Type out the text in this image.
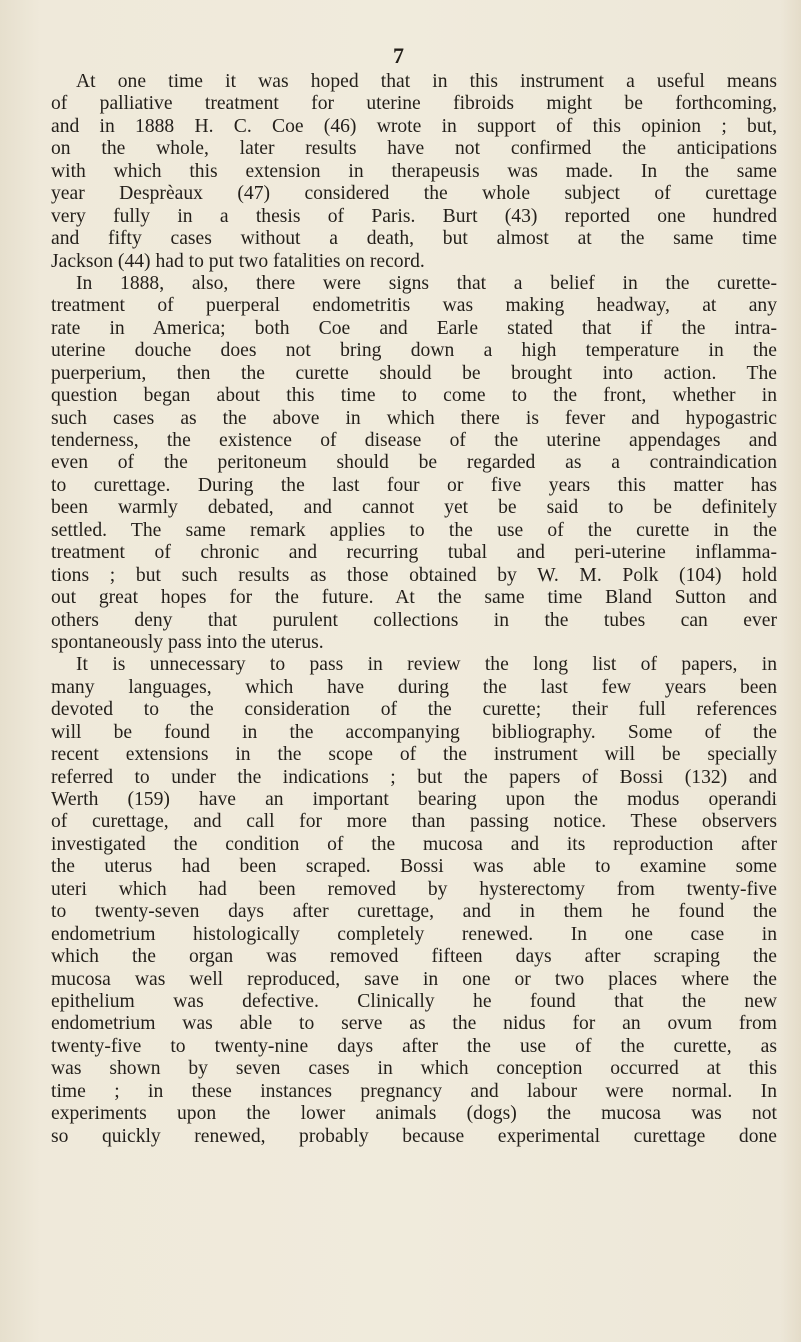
7
At one time it was hoped that in this instrument a useful means
of palliative treatment for uterine fibroids might be forthcoming,
and in 1888 H. C. Coe (46) wrote in support of this opinion ; but,
on the whole, later results have not confirmed the anticipations
with which this extension in therapeusis was made. In the same
year Desprèaux (47) considered the whole subject of curettage
very fully in a thesis of Paris. Burt (43) reported one hundred
and fifty cases without a death, but almost at the same time
Jackson (44) had to put two fatalities on record.
In 1888, also, there were signs that a belief in the curette-
treatment of puerperal endometritis was making headway, at any
rate in America; both Coe and Earle stated that if the intra-
uterine douche does not bring down a high temperature in the
puerperium, then the curette should be brought into action. The
question began about this time to come to the front, whether in
such cases as the above in which there is fever and hypogastric
tenderness, the existence of disease of the uterine appendages and
even of the peritoneum should be regarded as a contraindication
to curettage. During the last four or five years this matter has
been warmly debated, and cannot yet be said to be definitely
settled. The same remark applies to the use of the curette in the
treatment of chronic and recurring tubal and peri-uterine inflamma-
tions ; but such results as those obtained by W. M. Polk (104) hold
out great hopes for the future. At the same time Bland Sutton and
others deny that purulent collections in the tubes can ever
spontaneously pass into the uterus.
It is unnecessary to pass in review the long list of papers, in
many languages, which have during the last few years been
devoted to the consideration of the curette; their full references
will be found in the accompanying bibliography. Some of the
recent extensions in the scope of the instrument will be specially
referred to under the indications ; but the papers of Bossi (132) and
Werth (159) have an important bearing upon the modus operandi
of curettage, and call for more than passing notice. These observers
investigated the condition of the mucosa and its reproduction after
the uterus had been scraped. Bossi was able to examine some
uteri which had been removed by hysterectomy from twenty-five
to twenty-seven days after curettage, and in them he found the
endometrium histologically completely renewed. In one case in
which the organ was removed fifteen days after scraping the
mucosa was well reproduced, save in one or two places where the
epithelium was defective. Clinically he found that the new
endometrium was able to serve as the nidus for an ovum from
twenty-five to twenty-nine days after the use of the curette, as
was shown by seven cases in which conception occurred at this
time ; in these instances pregnancy and labour were normal. In
experiments upon the lower animals (dogs) the mucosa was not
so quickly renewed, probably because experimental curettage done
